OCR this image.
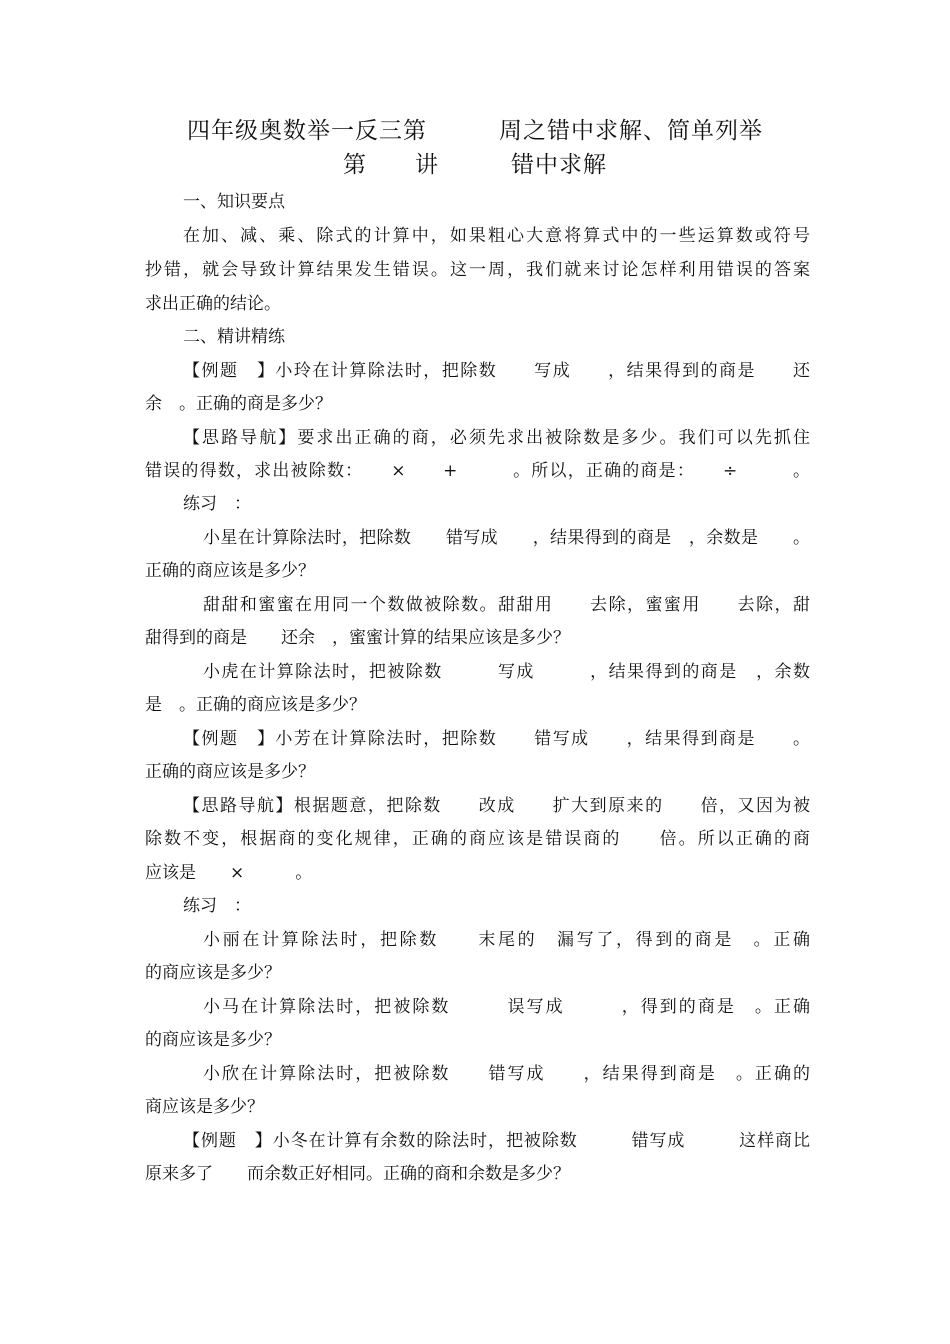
四年级奥数举一反三第　　　周之错中求解、简单列举
第　　讲　　　错中求解
一、知识要点
在加、减、乘、除式的计算中，如果粗心大意将算式中的一些运算数或符号
抄错，就会导致计算结果发生错误。这一周，我们就来讨论怎样利用错误的答案
求出正确的结论。
二、精讲精练
【例题　】小玲在计算除法时，把除数　　写成　　，结果得到的商是　　还
余　。正确的商是多少？
【思路导航】要求出正确的商，必须先求出被除数是多少。我们可以先抓住
错误的得数，求出被除数：　　×　　+　　　。所以，正确的商是：　　÷　　　。
练习　：
小星在计算除法时，把除数　　错写成　　，结果得到的商是　，余数是　　。
正确的商应该是多少？
甜甜和蜜蜜在用同一个数做被除数。甜甜用　　去除，蜜蜜用　　去除，甜
甜得到的商是　　还余　，蜜蜜计算的结果应该是多少？
小虎在计算除法时，把被除数　　　写成　　　，结果得到的商是　，余数
是　。正确的商应该是多少？
【例题　】小芳在计算除法时，把除数　　错写成　　，结果得到商是　　。
正确的商应该是多少？
【思路导航】根据题意，把除数　　改成　　扩大到原来的　　倍，又因为被
除数不变，根据商的变化规律，正确的商应该是错误商的　　倍。所以正确的商
应该是　　×　　　。
练习　：
小丽在计算除法时，把除数　　末尾的　漏写了，得到的商是　。正确
的商应该是多少？
小马在计算除法时，把被除数　　　误写成　　　，得到的商是　。正确
的商应该是多少？
小欣在计算除法时，把被除数　　错写成　　，结果得到商是　。正确的
商应该是多少？
【例题　】小冬在计算有余数的除法时，把被除数　　　错写成　　　这样商比
原来多了　　而余数正好相同。正确的商和余数是多少？
